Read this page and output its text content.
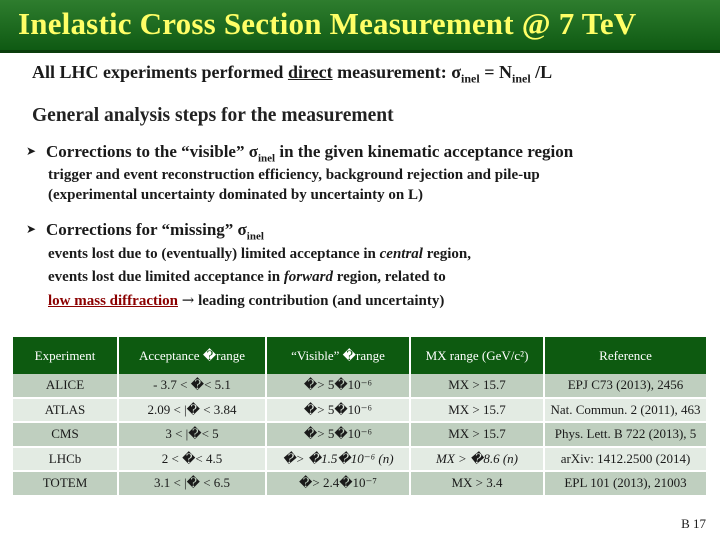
Inelastic Cross Section Measurement @ 7 TeV
All LHC experiments performed direct measurement: $\sigma_{inel} = N_{inel}$ /L
General analysis steps for the measurement
➤ Corrections to the “visible” $\sigma_{inel}$ in the given kinematic acceptance region
trigger and event reconstruction efficiency, background rejection and pile-up
(experimental uncertainty dominated by uncertainty on L)
➤ Corrections for “missing” $\sigma_{inel}$
events lost due to (eventually) limited acceptance in central region,
events lost due limited acceptance in forward region, related to
low mass diffraction → leading contribution (and uncertainty)
Experiment	Acceptance �range	“Visible” �range	MX range (GeV/c²)	Reference
ALICE	- 3.7 < �< 5.1	�> 5�10⁻⁶	MX > 15.7	EPJ C73 (2013), 2456
ATLAS	2.09 < |� < 3.84	�> 5�10⁻⁶	MX > 15.7	Nat. Commun. 2 (2011), 463
CMS	3 < |�< 5	�> 5�10⁻⁶	MX > 15.7	Phys. Lett. B 722 (2013), 5
LHCb	2 < �< 4.5	�> �1.5�10⁻⁶ (n)	MX > �8.6 (n)	arXiv: 1412.2500 (2014)
TOTEM	3.1 < |� < 6.5	�> 2.4�10⁻⁷	MX > 3.4	EPL 101 (2013), 21003
B 17
